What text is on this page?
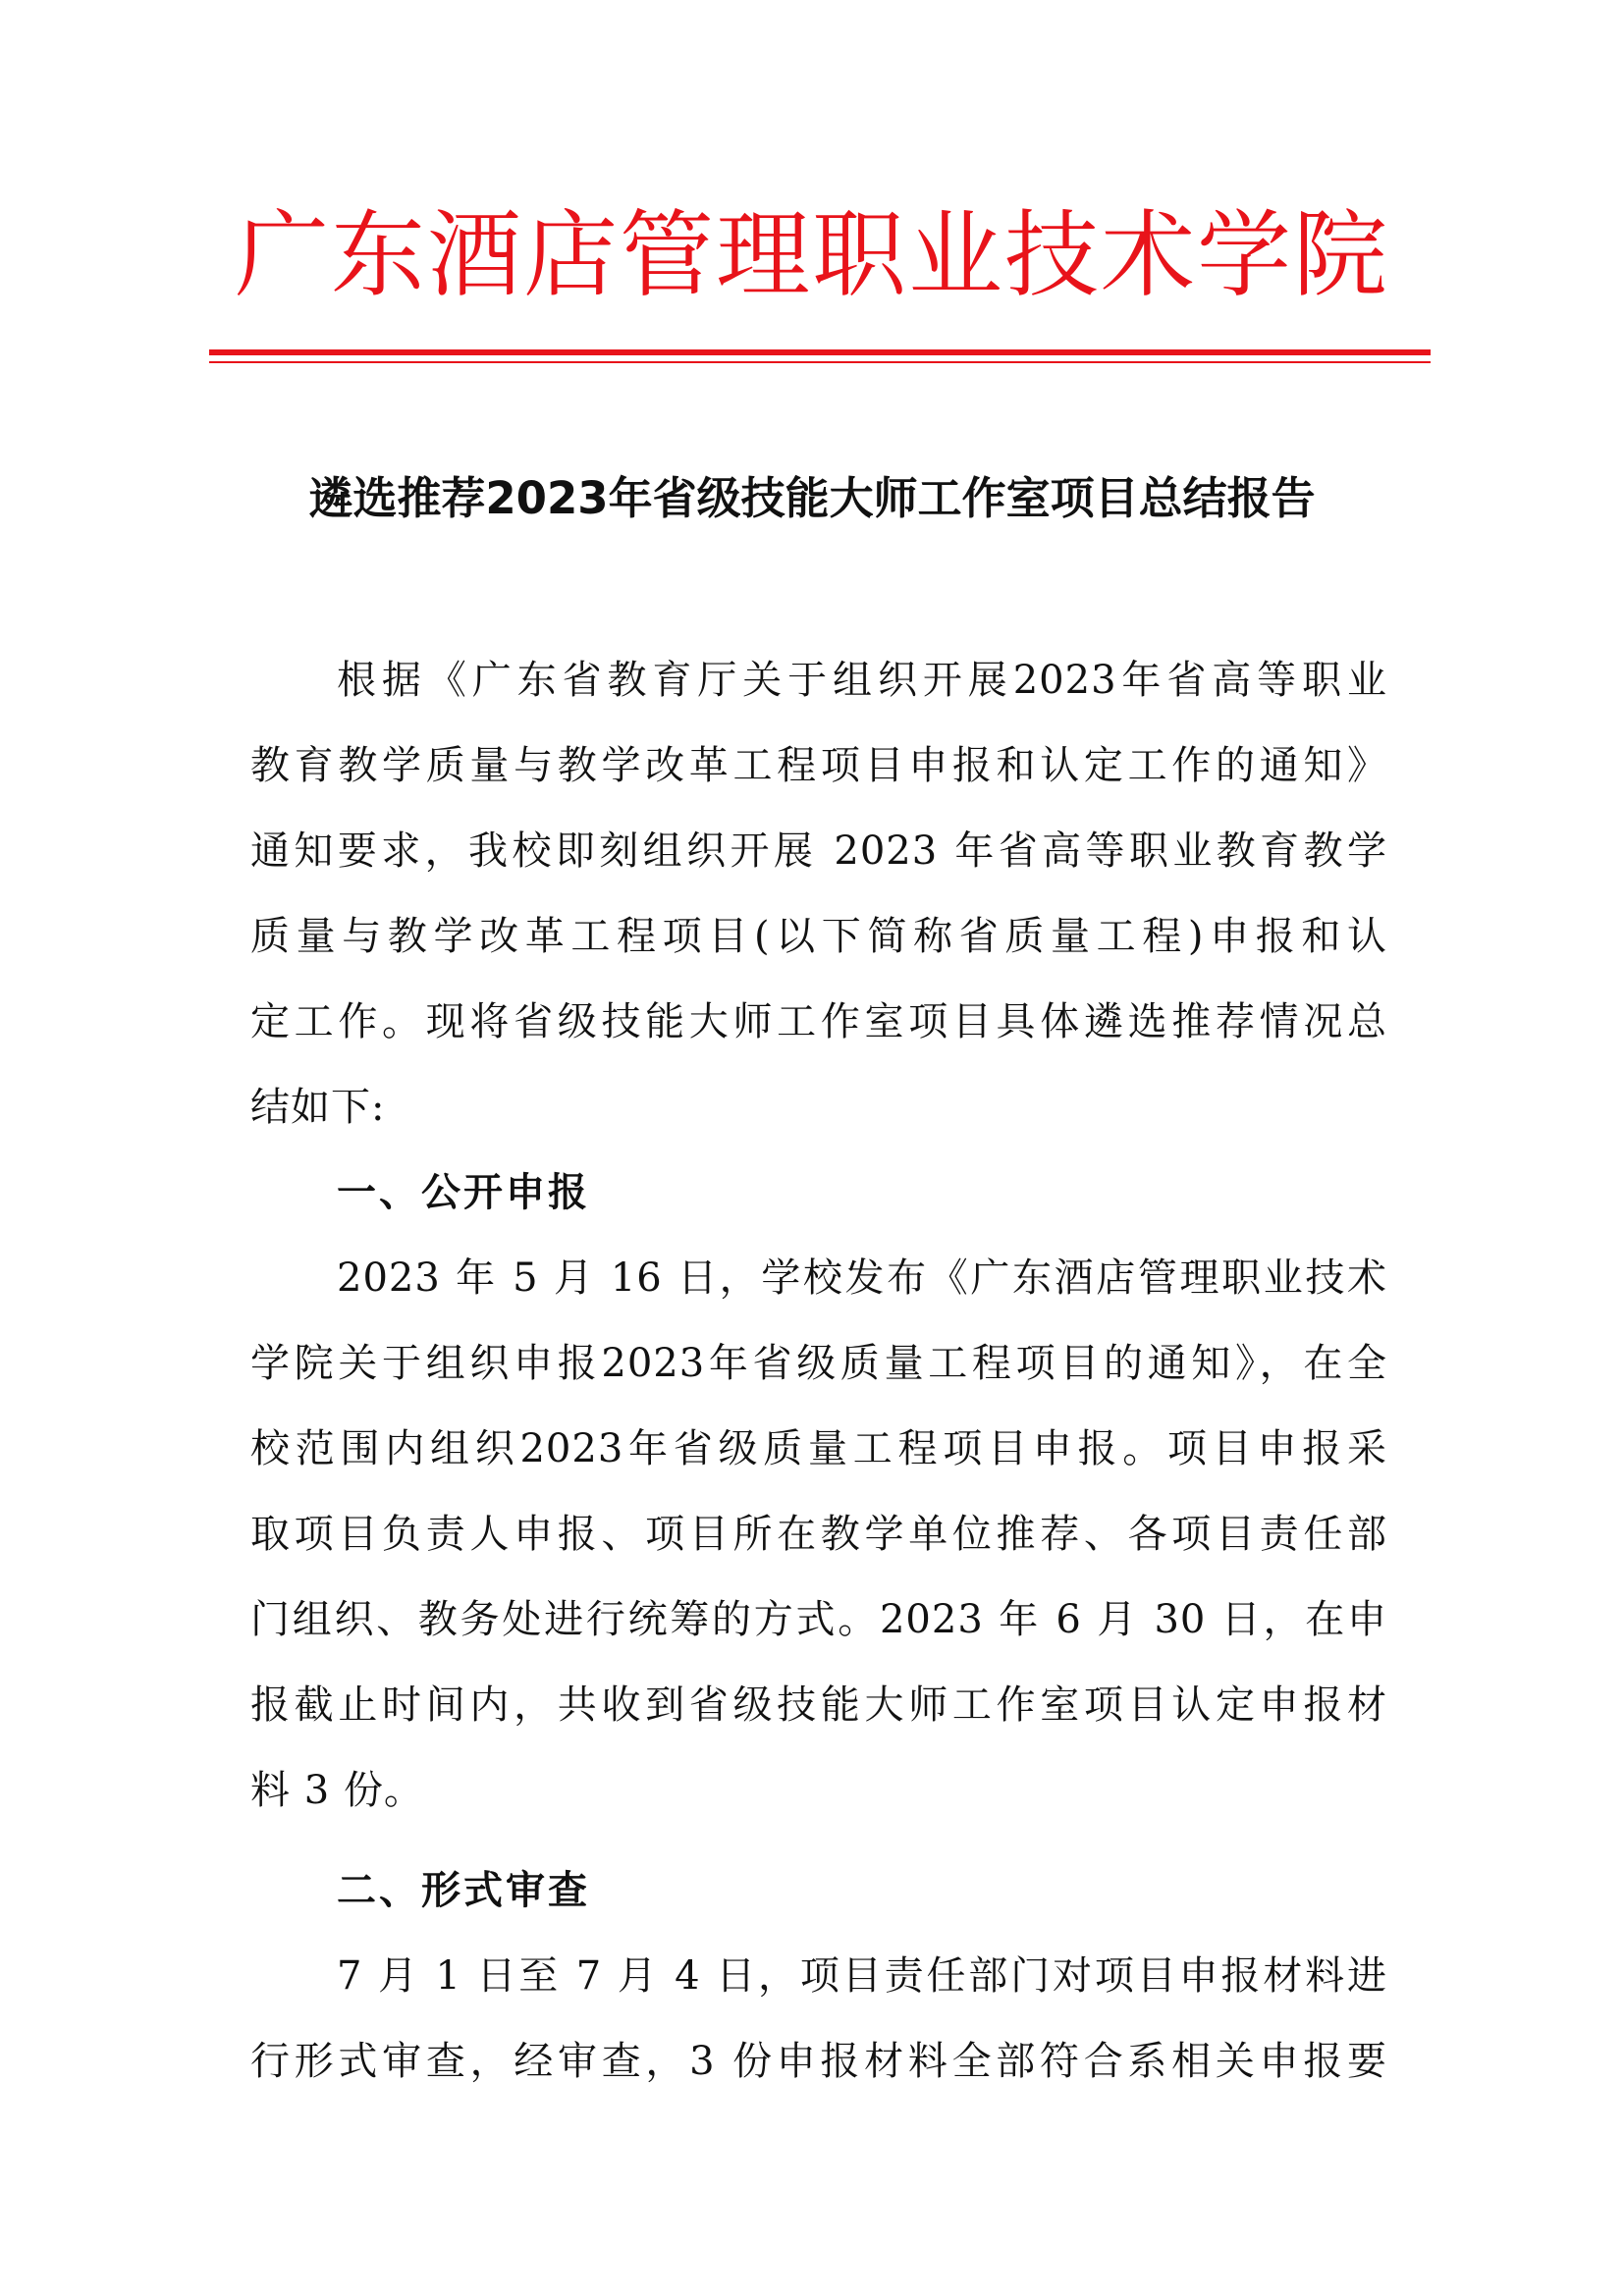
广东酒店管理职业技术学院
遴选推荐2023年省级技能大师工作室项目总结报告
根据《广东省教育厅关于组织开展2023年省高等职业
教育教学质量与教学改革工程项目申报和认定工作的通知》
通知要求，我校即刻组织开展 2023 年省高等职业教育教学
质量与教学改革工程项目(以下简称省质量工程)申报和认
定工作。现将省级技能大师工作室项目具体遴选推荐情况总
结如下:
一、公开申报
2023 年 5 月 16 日，学校发布《广东酒店管理职业技术
学院关于组织申报2023年省级质量工程项目的通知》，在全
校范围内组织2023年省级质量工程项目申报。项目申报采
取项目负责人申报、项目所在教学单位推荐、各项目责任部
门组织、教务处进行统筹的方式。2023 年 6 月 30 日，在申
报截止时间内，共收到省级技能大师工作室项目认定申报材
料 3 份。
二、形式审查
7 月 1 日至 7 月 4 日，项目责任部门对项目申报材料进
行形式审查，经审查，3 份申报材料全部符合系相关申报要
